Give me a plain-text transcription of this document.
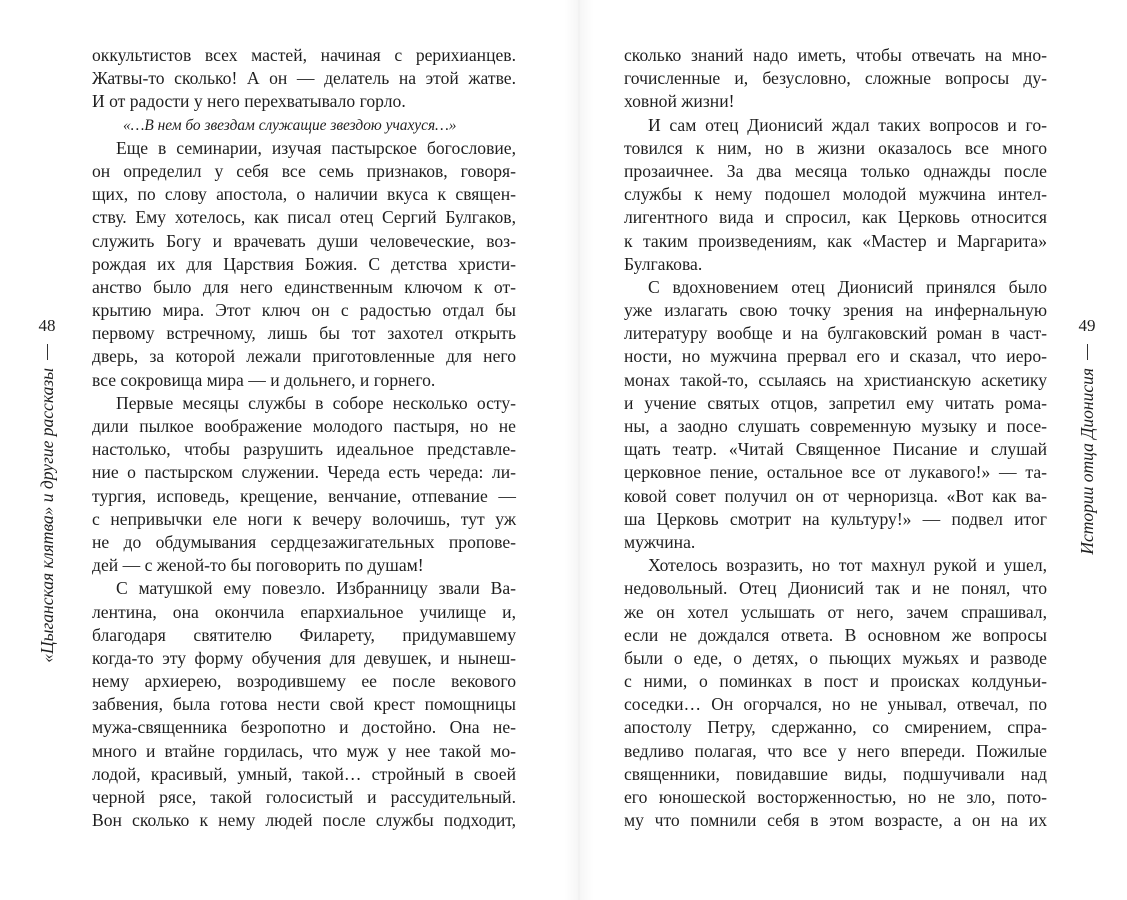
48
«Цыганская клятва» и другие рассказы
оккультистов всех мастей, начиная с рерихианцев.
Жатвы-то сколько! А он — делатель на этой жатве.
И от радости у него перехватывало горло.
«…В нем бо звездам служащие звездою учахуся…»
Еще в семинарии, изучая пастырское богословие,
он определил у себя все семь признаков, говоря-
щих, по слову апостола, о наличии вкуса к священ-
ству. Ему хотелось, как писал отец Сергий Булгаков,
служить Богу и врачевать души человеческие, воз-
рождая их для Царствия Божия. С детства христи-
анство было для него единственным ключом к от-
крытию мира. Этот ключ он с радостью отдал бы
первому встречному, лишь бы тот захотел открыть
дверь, за которой лежали приготовленные для него
все сокровища мира — и дольнего, и горнего.
Первые месяцы службы в соборе несколько осту-
дили пылкое воображение молодого пастыря, но не
настолько, чтобы разрушить идеальное представле-
ние о пастырском служении. Череда есть череда: ли-
тургия, исповедь, крещение, венчание, отпевание —
с непривычки еле ноги к вечеру волочишь, тут уж
не до обдумывания сердцезажигательных пропове-
дей — с женой-то бы поговорить по душам!
С матушкой ему повезло. Избранницу звали Ва-
лентина, она окончила епархиальное училище и,
благодаря святителю Филарету, придумавшему
когда-то эту форму обучения для девушек, и нынеш-
нему архиерею, возродившему ее после векового
забвения, была готова нести свой крест помощницы
мужа-священника безропотно и достойно. Она не-
много и втайне гордилась, что муж у нее такой мо-
лодой, красивый, умный, такой… стройный в своей
черной рясе, такой голосистый и рассудительный.
Вон сколько к нему людей после службы подходит,
сколько знаний надо иметь, чтобы отвечать на мно-
гочисленные и, безусловно, сложные вопросы ду-
ховной жизни!
И сам отец Дионисий ждал таких вопросов и го-
товился к ним, но в жизни оказалось все много
прозаичнее. За два месяца только однажды после
службы к нему подошел молодой мужчина интел-
лигентного вида и спросил, как Церковь относится
к таким произведениям, как «Мастер и Маргарита»
Булгакова.
С вдохновением отец Дионисий принялся было
уже излагать свою точку зрения на инфернальную
литературу вообще и на булгаковский роман в част-
ности, но мужчина прервал его и сказал, что иеро-
монах такой-то, ссылаясь на христианскую аскетику
и учение святых отцов, запретил ему читать рома-
ны, а заодно слушать современную музыку и посе-
щать театр. «Читай Священное Писание и слушай
церковное пение, остальное все от лукавого!» — та-
ковой совет получил он от черноризца. «Вот как ва-
ша Церковь смотрит на культуру!» — подвел итог
мужчина.
Хотелось возразить, но тот махнул рукой и ушел,
недовольный. Отец Дионисий так и не понял, что
же он хотел услышать от него, зачем спрашивал,
если не дождался ответа. В основном же вопросы
были о еде, о детях, о пьющих мужьях и разводе
с ними, о поминках в пост и происках колдуньи-
соседки… Он огорчался, но не унывал, отвечал, по
апостолу Петру, сдержанно, со смирением, спра-
ведливо полагая, что все у него впереди. Пожилые
священники, повидавшие виды, подшучивали над
его юношеской восторженностью, но не зло, пото-
му что помнили себя в этом возрасте, а он на их
49
Истории отца Дионисия
